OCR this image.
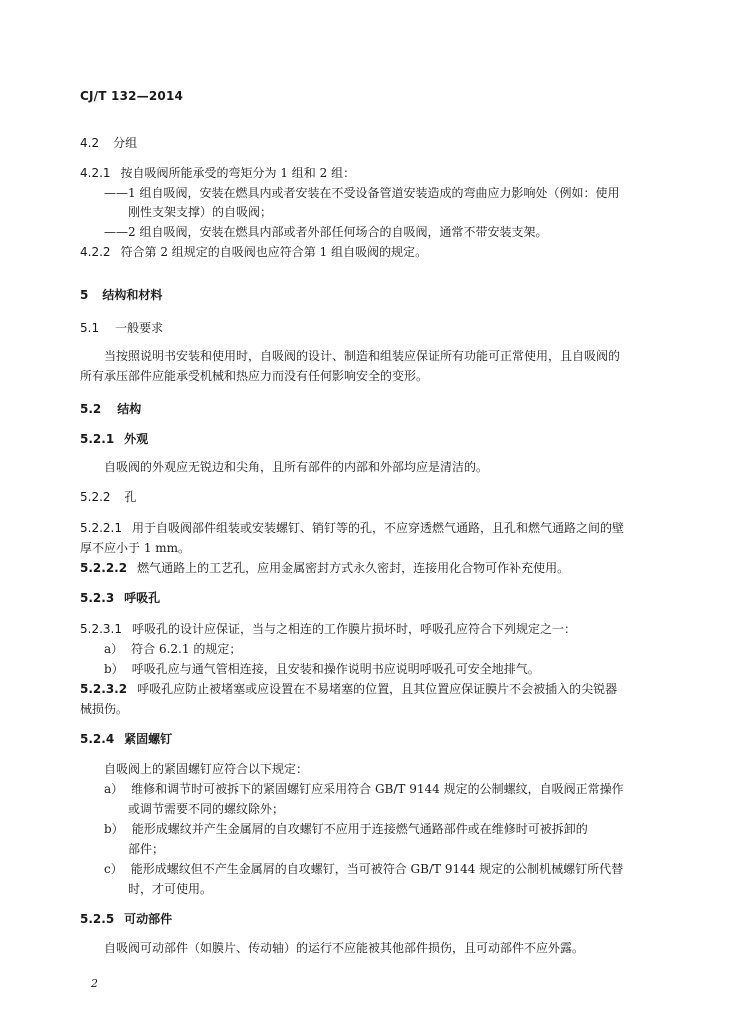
CJ/T 132—2014
4.2 分组
4.2.1 按自吸阀所能承受的弯矩分为 1 组和 2 组：
——1 组自吸阀，安装在燃具内或者安装在不受设备管道安装造成的弯曲应力影响处（例如：使用
刚性支架支撑）的自吸阀；
——2 组自吸阀，安装在燃具内部或者外部任何场合的自吸阀，通常不带安装支架。
4.2.2 符合第 2 组规定的自吸阀也应符合第 1 组自吸阀的规定。
5 结构和材料
5.1 一般要求
当按照说明书安装和使用时，自吸阀的设计、制造和组装应保证所有功能可正常使用，且自吸阀的
所有承压部件应能承受机械和热应力而没有任何影响安全的变形。
5.2 结构
5.2.1 外观
自吸阀的外观应无锐边和尖角，且所有部件的内部和外部均应是清洁的。
5.2.2 孔
5.2.2.1 用于自吸阀部件组装或安装螺钉、销钉等的孔，不应穿透燃气通路，且孔和燃气通路之间的壁
厚不应小于 1 mm。
5.2.2.2 燃气通路上的工艺孔，应用金属密封方式永久密封，连接用化合物可作补充使用。
5.2.3 呼吸孔
5.2.3.1 呼吸孔的设计应保证，当与之相连的工作膜片损坏时，呼吸孔应符合下列规定之一：
a） 符合 6.2.1 的规定；
b） 呼吸孔应与通气管相连接，且安装和操作说明书应说明呼吸孔可安全地排气。
5.2.3.2 呼吸孔应防止被堵塞或应设置在不易堵塞的位置，且其位置应保证膜片不会被插入的尖锐器
械损伤。
5.2.4 紧固螺钉
自吸阀上的紧固螺钉应符合以下规定：
a） 维修和调节时可被拆下的紧固螺钉应采用符合 GB/T 9144 规定的公制螺纹，自吸阀正常操作
或调节需要不同的螺纹除外；
b） 能形成螺纹并产生金属屑的自攻螺钉不应用于连接燃气通路部件或在维修时可被拆卸的
部件；
c） 能形成螺纹但不产生金属屑的自攻螺钉，当可被符合 GB/T 9144 规定的公制机械螺钉所代替
时，才可使用。
5.2.5 可动部件
自吸阀可动部件（如膜片、传动轴）的运行不应能被其他部件损伤，且可动部件不应外露。
2
